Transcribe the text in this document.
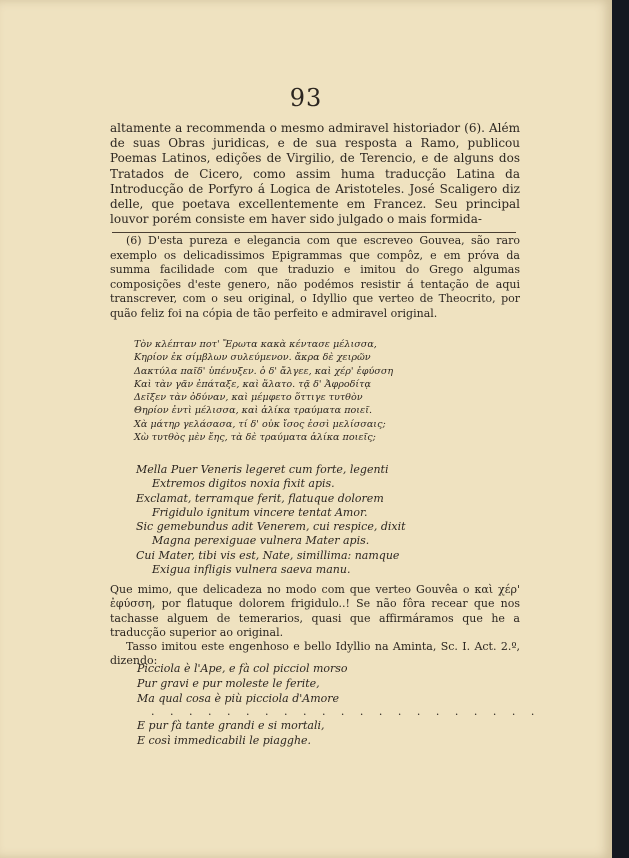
93
altamente a recommenda o mesmo admiravel historiador (6). Além de suas Obras juridicas, e de sua resposta a Ramo, publicou Poemas Latinos, edições de Virgilio, de Terencio, e de alguns dos Tratados de Cicero, como assim huma traducção Latina da Introducção de Porfyro á Logica de Aristoteles. José Scaligero diz delle, que poetava excellentemente em Francez. Seu principal louvor porém consiste em haver sido julgado o mais formida-

(6) D'esta pureza e elegancia com que escreveo Gouvea, são raro exemplo os delicadissimos Epigrammas que compôz, e em próva da summa facilidade com que traduzio e imitou do Grego algumas composições d'este genero, não podémos resistir á tentação de aqui transcrever, com o seu original, o Idyllio que verteo de Theocrito, por quão feliz foi na cópia de tão perfeito e admiravel original.

Τὸν κλέπταν ποτ' Ἔρωτα κακὰ κέντασε μέλισσα,
Κηρίον ἐκ σίμβλων συλεύμενον. ἄκρα δὲ χειρῶν
Δακτύλα παῖδ' ὑπένυξεν. ὁ δ' ἄλγεε, καὶ χέρ' ἐφύσση
Καὶ τὰν γᾶν ἐπάταξε, καὶ ἅλατο. τᾷ δ' Ἀφροδίτᾳ
Δεῖξεν τὰν ὀδύναν, καὶ μέμφετο ὅττιγε τυτθὸν
Θηρίον ἐντὶ μέλισσα, καὶ ἁλίκα τραύματα ποιεῖ.
Χὰ μάτηρ γελάσασα, τί δ' οὐκ ἴσος ἐσσὶ μελίσσαις;
Χὼ τυτθὸς μὲν ἔης, τὰ δὲ τραύματα ἁλίκα ποιεῖς;
Mella Puer Veneris legeret cum forte, legenti
Extremos digitos noxia fixit apis.
Exclamat, terramque ferit, flatuque dolorem
Frigidulo ignitum vincere tentat Amor.
Sic gemebundus adit Venerem, cui respice, dixit
Magna perexiguae vulnera Mater apis.
Cui Mater, tibi vis est, Nate, simillima: namque
Exigua infligis vulnera saeva manu.

Que mimo, que delicadeza no modo com que verteo Gouvêa o καὶ χέρ' ἐφύσση, por flatuque dolorem frigidulo..! Se não fôra recear que nos tachasse alguem de temerarios, quasi que affirmáramos que he a traducção superior ao original.

Tasso imitou este engenhoso e bello Idyllio na Aminta, Sc. I. Act. 2.º, dizendo:

Picciola è l'Ape, e fà col picciol morso
Pur gravi e pur moleste le ferite,
Ma qual cosa è più picciola d'Amore
. . . . . . . . . . . . . . . . . . . . .
E pur fà tante grandi e si mortali,
E così immedicabili le piagghe.
